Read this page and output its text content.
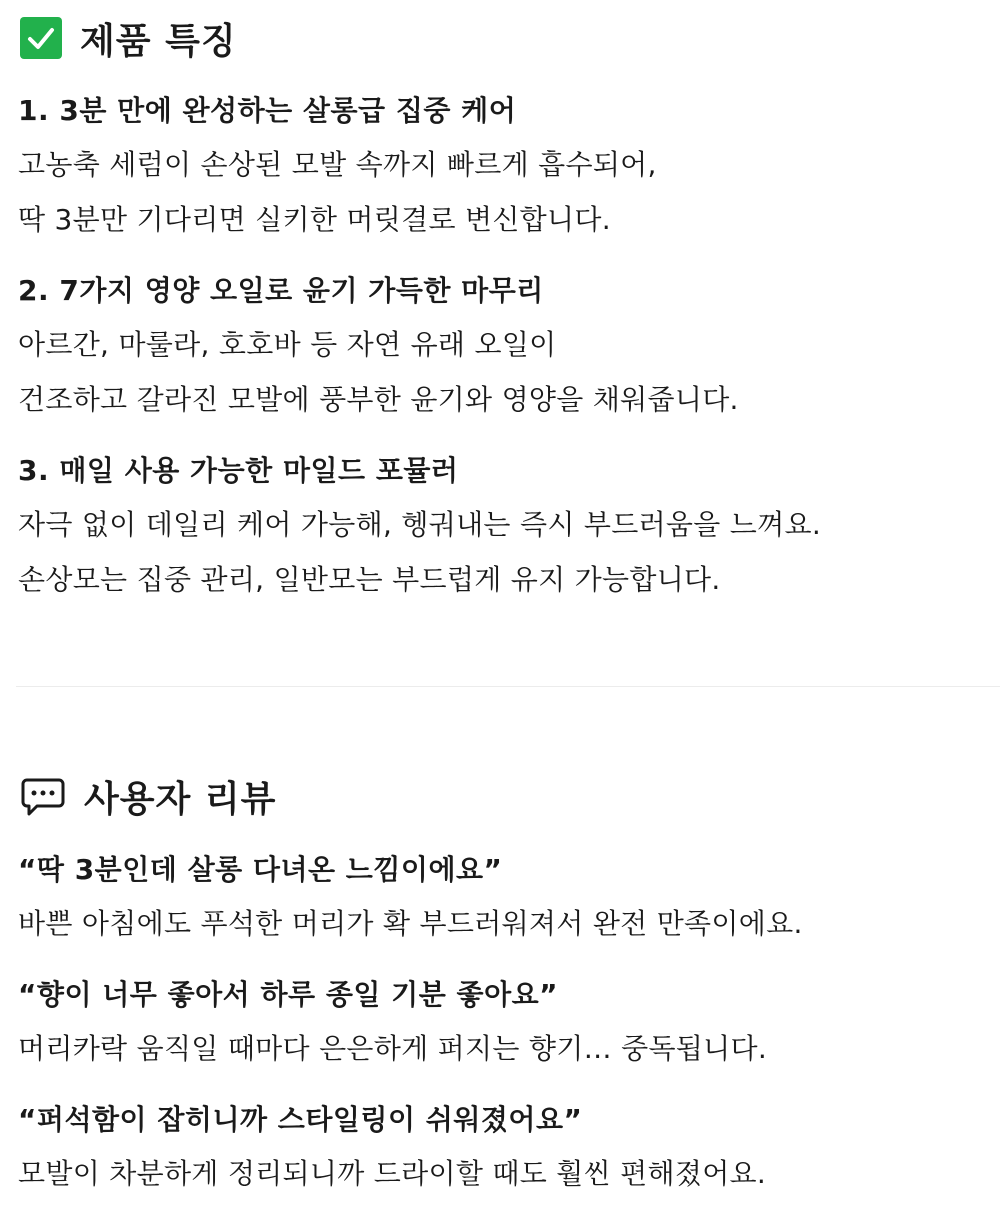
제품 특징
1. 3분 만에 완성하는 살롱급 집중 케어
고농축 세럼이 손상된 모발 속까지 빠르게 흡수되어,
딱 3분만 기다리면 실키한 머릿결로 변신합니다.
2. 7가지 영양 오일로 윤기 가득한 마무리
아르간, 마룰라, 호호바 등 자연 유래 오일이
건조하고 갈라진 모발에 풍부한 윤기와 영양을 채워줍니다.
3. 매일 사용 가능한 마일드 포뮬러
자극 없이 데일리 케어 가능해, 헹궈내는 즉시 부드러움을 느껴요.
손상모는 집중 관리, 일반모는 부드럽게 유지 가능합니다.
사용자 리뷰
“딱 3분인데 살롱 다녀온 느낌이에요”
바쁜 아침에도 푸석한 머리가 확 부드러워져서 완전 만족이에요.
“향이 너무 좋아서 하루 종일 기분 좋아요”
머리카락 움직일 때마다 은은하게 퍼지는 향기… 중독됩니다.
“퍼석함이 잡히니까 스타일링이 쉬워졌어요”
모발이 차분하게 정리되니까 드라이할 때도 훨씬 편해졌어요.
